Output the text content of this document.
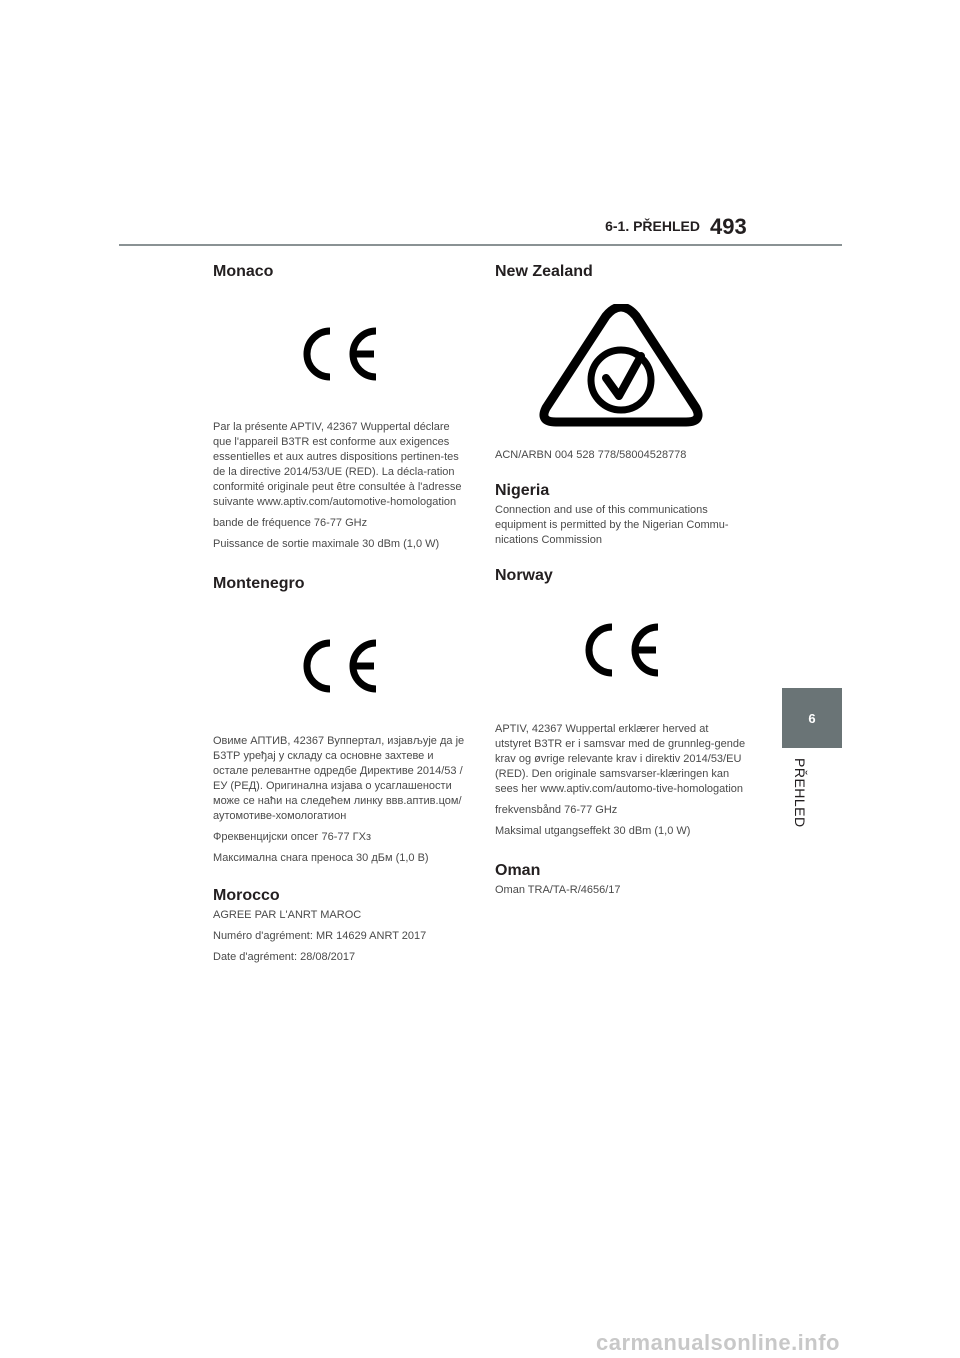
6-1. PŘEHLED 493
6
PŘEHLED
Monaco

Par la présente APTIV, 42367 Wuppertal déclare que l'appareil B3TR est conforme aux exigences essentielles et aux autres dispositions pertinen-tes de la directive 2014/53/UE (RED). La décla-ration conformité originale peut être consultée à l'adresse suivante www.aptiv.com/automotive-homologation

bande de fréquence 76-77 GHz

Puissance de sortie maximale 30 dBm (1,0 W)

Montenegro

Овиме АПТИВ, 42367 Вуппертал, изјављује да је Б3ТР уређај у складу са основне захтеве и остале релевантне одредбе Директиве 2014/53 / ЕУ (РЕД). Оригинална изјава о усаглашености може се наћи на следећем линку ввв.аптив.цом/аутомотиве-хомологатион

Фреквенцијски опсег 76-77 ГХз

Максимална снага преноса 30 дБм (1,0 В)

Morocco

AGREE PAR L'ANRT MAROC

Numéro d'agrément: MR 14629 ANRT 2017

Date d'agrément: 28/08/2017

New Zealand

ACN/ARBN 004 528 778/58004528778

Nigeria

Connection and use of this communications equipment is permitted by the Nigerian Commu-nications Commission

Norway

APTIV, 42367 Wuppertal erklærer herved at utstyret B3TR er i samsvar med de grunnleg-gende krav og øvrige relevante krav i direktiv 2014/53/EU (RED). Den originale samsvarser-klæringen kan sees her www.aptiv.com/automo-tive-homologation

frekvensbånd 76-77 GHz

Maksimal utgangseffekt 30 dBm (1,0 W)

Oman

Oman TRA/TA-R/4656/17

carmanualsonline.info
